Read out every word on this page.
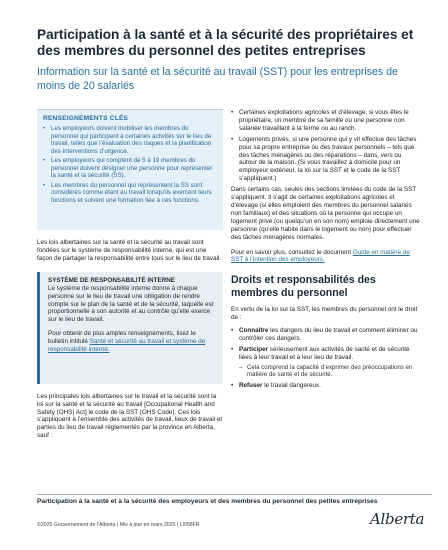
Participation à la santé et à la sécurité des propriétaires et des membres du personnel des petites entreprises
Information sur la santé et la sécurité au travail (SST) pour les entreprises de moins de 20 salariés
RENSEIGNEMENTS CLÉS
• Les employeurs doivent mobiliser les membres du personnel qui participent à certaines activités sur le lieu de travail, telles que l’évaluation des risques et la planification des interventions d’urgence.
• Les employeurs qui comptent de 5 à 19 membres du personnel doivent désigner une personne pour représenter la santé et la sécurité (SS).
• Les membres du personnel qui représentent la SS sont considérés comme étant au travail lorsqu’ils exercent leurs fonctions et suivent une formation liée à ces fonctions.

Les lois albertaines sur la santé et la sécurité au travail sont fondées sur le système de responsabilité interne, qui est une façon de partager la responsabilité entre tous sur le lieu de travail.

SYSTÈME DE RESPONSABILITÉ INTERNE

Le système de responsabilité interne donne à chaque personne sur le lieu de travail une obligation de rendre compte sur le plan de la santé et de la sécurité, laquelle est proportionnelle à son autorité et au contrôle qu’elle exerce sur le lieu de travail.

Pour obtenir de plus amples renseignements, lisez le bulletin intitulé Santé et sécurité au travail et système de responsabilité interne.

Les principales lois albertaines sur le travail et la sécurité sont la loi sur la santé et la sécurité au travail [Occupational Health and Safety (OHS) Act] le code de la SST (OHS Code). Ces lois s’appliquent à l’ensemble des activités de travail, lieux de travail et parties du lieu de travail réglementés par la province en Alberta, sauf :

• Certaines exploitations agricoles et d’élevage, si vous êtes le propriétaire, un membre de sa famille ou une personne non salariée travaillant à la ferme ou au ranch.
• Logements privés, si une personne qui y vit effectue des tâches pour sa propre entreprise ou des travaux personnels – tels que des tâches ménagères ou des réparations – dans, vers ou autour de la maison. (Si vous travaillez à domicile pour un employeur extérieur, la loi sur la SST et le code de la SST s’appliquent.)

Dans certains cas, seules des sections limitées du code de la SST s’appliquent. Il s’agit de certaines exploitations agricoles et d’élevage (si elles emploient des membres du personnel salariés non familiaux) et des situations où la personne qui occupe un logement privé (ou quelqu’un en son nom) emploie directement une personne (qu’elle habite dans le logement ou non) pour effectuer des tâches ménagères normales.

Pour en savoir plus, consultez le document Guide en matière de SST à l’intention des employeurs.

Droits et responsabilités des membres du personnel

En vertu de la loi sur la SST, les membres du personnel ont le droit de :

• Connaître les dangers du lieu de travail et comment éliminer ou contrôler ces dangers.
• Participer sérieusement aux activités de santé et de sécurité liées à leur travail et à leur lieu de travail.
– Cela comprend la capacité d’exprimer des préoccupations en matière de santé et de sécurité.
• Refuser le travail dangereux.
Participation à la santé et à la sécurité des employeurs et des membres du personnel des petites entreprises
©2025 Gouvernement de l’Alberta | Mis à jour en mars 2025 | LI058FR	Alberta
